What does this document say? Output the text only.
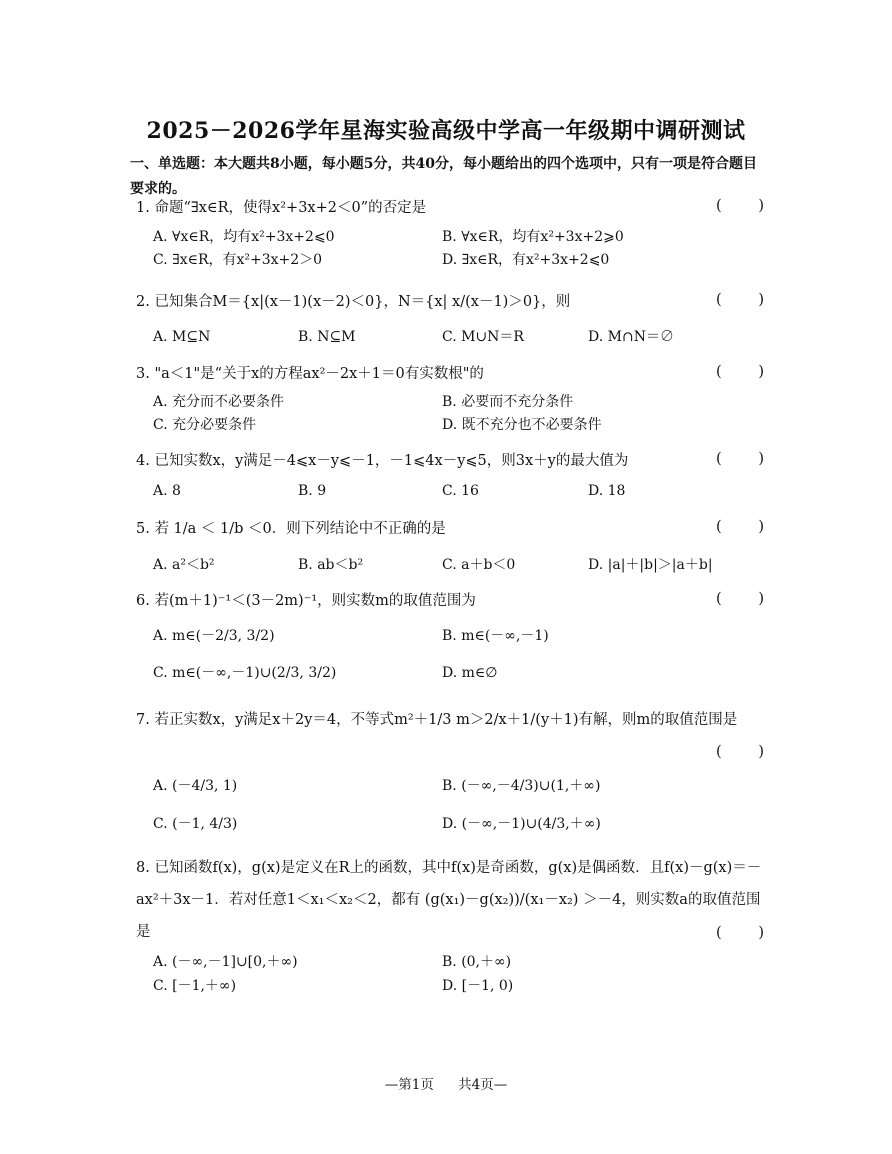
2025－2026学年星海实验高级中学高一年级期中调研测试
一、单选题：本大题共8小题，每小题5分，共40分，每小题给出的四个选项中，只有一项是符合题目要求的。
1. 命题“∃x∈R，使得x²+3x+2＜0”的否定是	(	)
A. ∀x∈R，均有x²+3x+2⩽0	B. ∀x∈R，均有x²+3x+2⩾0
C. ∃x∈R，有x²+3x+2＞0	D. ∃x∈R，有x²+3x+2⩽0
2. 已知集合M＝{x|(x－1)(x－2)＜0}，N＝{x| x/(x－1)＞0}，则	(	)
A. M⊆N	B. N⊆M	C. M∪N＝R	D. M∩N＝∅
3. "a＜1"是“关于x的方程ax²－2x＋1＝0有实数根"的	(	)
A. 充分而不必要条件	B. 必要而不充分条件
C. 充分必要条件	D. 既不充分也不必要条件
4. 已知实数x，y满足－4⩽x－y⩽－1，－1⩽4x－y⩽5，则3x＋y的最大值为	(	)
A. 8	B. 9	C. 16	D. 18
5. 若 1/a ＜ 1/b ＜0．则下列结论中不正确的是	(	)
A. a²＜b²	B. ab＜b²	C. a＋b＜0	D. |a|＋|b|＞|a＋b|
6. 若(m＋1)⁻¹＜(3－2m)⁻¹，则实数m的取值范围为	(	)
A. m∈(－2/3, 3/2)	B. m∈(－∞,－1)
C. m∈(－∞,－1)∪(2/3, 3/2)	D. m∈∅
7. 若正实数x，y满足x＋2y＝4，不等式m²＋1/3 m＞2/x＋1/(y＋1)有解，则m的取值范围是
(	)
A. (－4/3, 1)	B. (－∞,－4/3)∪(1,＋∞)
C. (－1, 4/3)	D. (－∞,－1)∪(4/3,＋∞)
8. 已知函数f(x)，g(x)是定义在R上的函数，其中f(x)是奇函数，g(x)是偶函数．且f(x)－g(x)＝－ax²＋3x－1．若对任意1＜x₁＜x₂＜2，都有 (g(x₁)－g(x₂))/(x₁－x₂) ＞－4，则实数a的取值范围是	(	)
A. (－∞,－1]∪[0,＋∞)	B. (0,＋∞)
C. [－1,＋∞)	D. [－1, 0)
—第1页 共4页—
